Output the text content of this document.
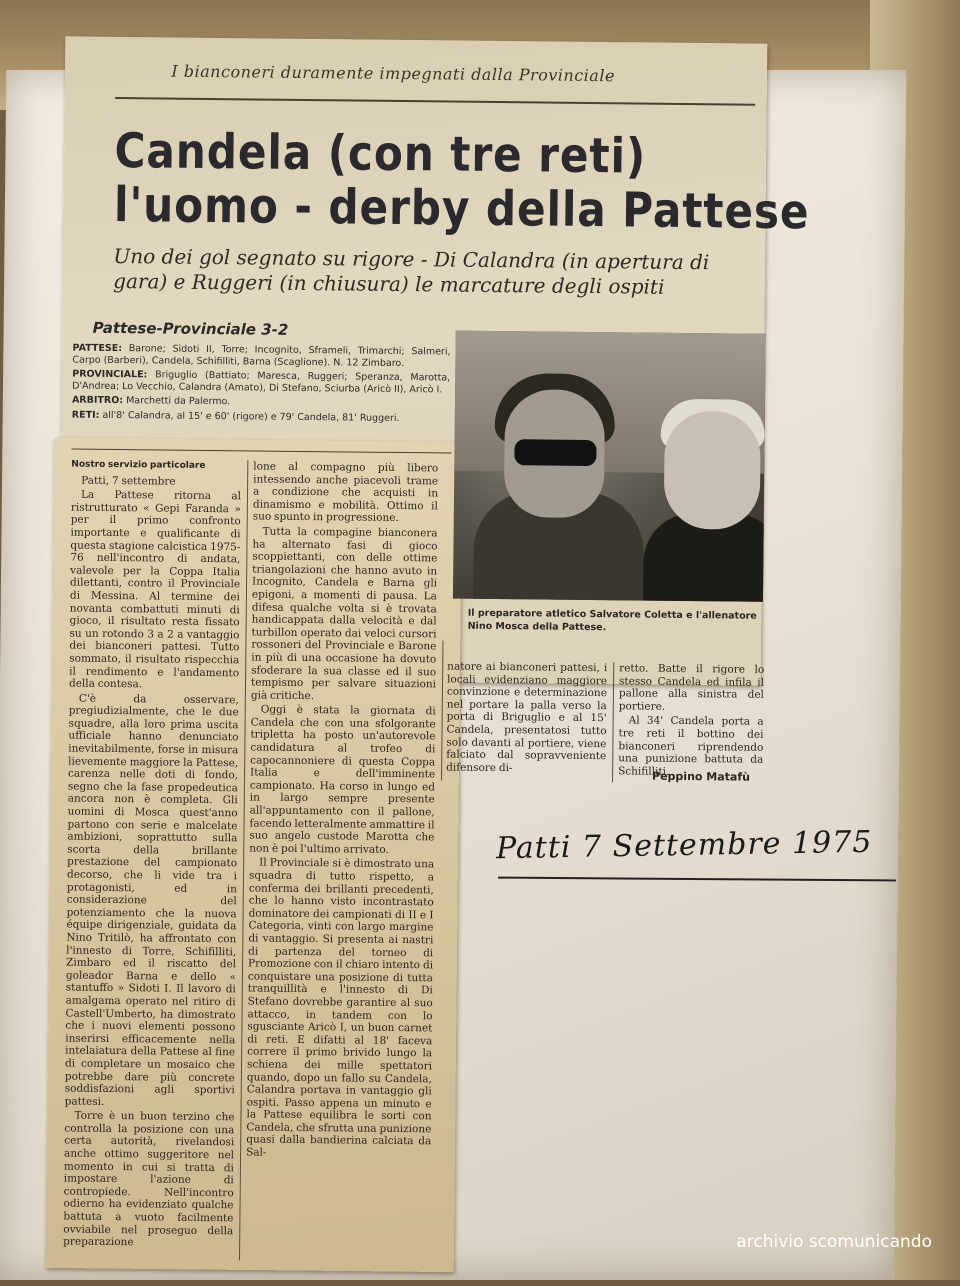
I bianconeri duramente impegnati dalla Provinciale
Candela (con tre reti)
l'uomo - derby della Pattese
Uno dei gol segnato su rigore - Di Calandra (in apertura di gara) e Ruggeri (in chiusura) le marcature degli ospiti
Pattese-Provinciale 3-2

PATTESE: Barone; Sidoti II, Torre; Incognito, Sframeli, Trimarchi; Salmeri, Carpo (Barberi), Candela, Schifilliti, Barna (Scaglione). N. 12 Zimbaro.

PROVINCIALE: Briguglio (Battiato; Maresca, Ruggeri; Speranza, Marotta, D'Andrea; Lo Vecchio, Calandra (Amato), Di Stefano, Sciurba (Aricò II), Aricò I.

ARBITRO: Marchetti da Palermo.

RETI: all'8' Calandra, al 15' e 60' (rigore) e 79' Candela, 81' Ruggeri.

Il preparatore atletico Salvatore Coletta e l'allenatore Nino Mosca della Pattese.

Nostro servizio particolare

Patti, 7 settembre

La Pattese ritorna al ristrutturato « Gepi Faranda » per il primo confronto importante e qualificante di questa stagione calcistica 1975-76 nell'incontro di andata, valevole per la Coppa Italia dilettanti, contro il Provinciale di Messina. Al termine dei novanta combattuti minuti di gioco, il risultato resta fissato su un rotondo 3 a 2 a vantaggio dei bianconeri pattesi. Tutto sommato, il risultato rispecchia il rendimento e l'andamento della contesa.

C'è da osservare, pregiudizialmente, che le due squadre, alla loro prima uscita ufficiale hanno denunciato inevitabilmente, forse in misura lievemente maggiore la Pattese, carenza nelle doti di fondo, segno che la fase propedeutica ancora non è completa. Gli uomini di Mosca quest'anno partono con serie e malcelate ambizioni, soprattutto sulla scorta della brillante prestazione del campionato decorso, che li vide tra i protagonisti, ed in considerazione del potenziamento che la nuova équipe dirigenziale, guidata da Nino Tritilò, ha affrontato con l'innesto di Torre, Schifilliti, Zimbaro ed il riscatto del goleador Barna e dello « stantuffo » Sidoti I. Il lavoro di amalgama operato nel ritiro di Castell'Umberto, ha dimostrato che i nuovi elementi possono inserirsi efficacemente nella intelaiatura della Pattese al fine di completare un mosaico che potrebbe dare più concrete soddisfazioni agli sportivi pattesi.

Torre è un buon terzino che controlla la posizione con una certa autorità, rivelandosi anche ottimo suggeritore nel momento in cui si tratta di impostare l'azione di contropiede. Nell'incontro odierno ha evidenziato qualche battuta a vuoto facilmente ovviabile nel proseguo della preparazione

lone al compagno più libero intessendo anche piacevoli trame a condizione che acquisti in dinamismo e mobilità. Ottimo il suo spunto in progressione.

Tutta la compagine bianconera ha alternato fasi di gioco scoppiettanti, con delle ottime triangolazioni che hanno avuto in Incognito, Candela e Barna gli epigoni, a momenti di pausa. La difesa qualche volta si è trovata handicappata dalla velocità e dal turbillon operato dai veloci cursori rossoneri del Provinciale e Barone in più di una occasione ha dovuto sfoderare la sua classe ed il suo tempismo per salvare situazioni già critiche.

Oggi è stata la giornata di Candela che con una sfolgorante tripletta ha posto un'autorevole candidatura al trofeo di capocannoniere di questa Coppa Italia e dell'imminente campionato. Ha corso in lungo ed in largo sempre presente all'appuntamento con il pallone, facendo letteralmente ammattire il suo angelo custode Marotta che non è poi l'ultimo arrivato.

Il Provinciale si è dimostrato una squadra di tutto rispetto, a conferma dei brillanti precedenti, che lo hanno visto incontrastato dominatore dei campionati di II e I Categoria, vinti con largo margine di vantaggio. Si presenta ai nastri di partenza del torneo di Promozione con il chiaro intento di conquistare una posizione di tutta tranquillità e l'innesto di Di Stefano dovrebbe garantire al suo attacco, in tandem con lo sgusciante Aricò I, un buon carnet di reti. E difatti al 18' faceva correre il primo brivido lungo la schiena dei mille spettatori quando, dopo un fallo su Candela, Calandra portava in vantaggio gli ospiti. Passo appena un minuto e la Pattese equilibra le sorti con Candela, che sfrutta una punizione quasi dalla bandierina calciata da Sal-

natore ai bianconeri pattesi, i locali evidenziano maggiore convinzione e determinazione nel portare la palla verso la porta di Briguglio e al 15' Candela, presentatosi tutto solo davanti al portiere, viene falciato dal sopravveniente difensore di-

retto. Batte il rigore lo stesso Candela ed infila il pallone alla sinistra del portiere.

Al 34' Candela porta a tre reti il bottino dei bianconeri riprendendo una punizione battuta da Schifilliti.

Peppino Matafù
Patti 7 Settembre 1975
archivio scomunicando
